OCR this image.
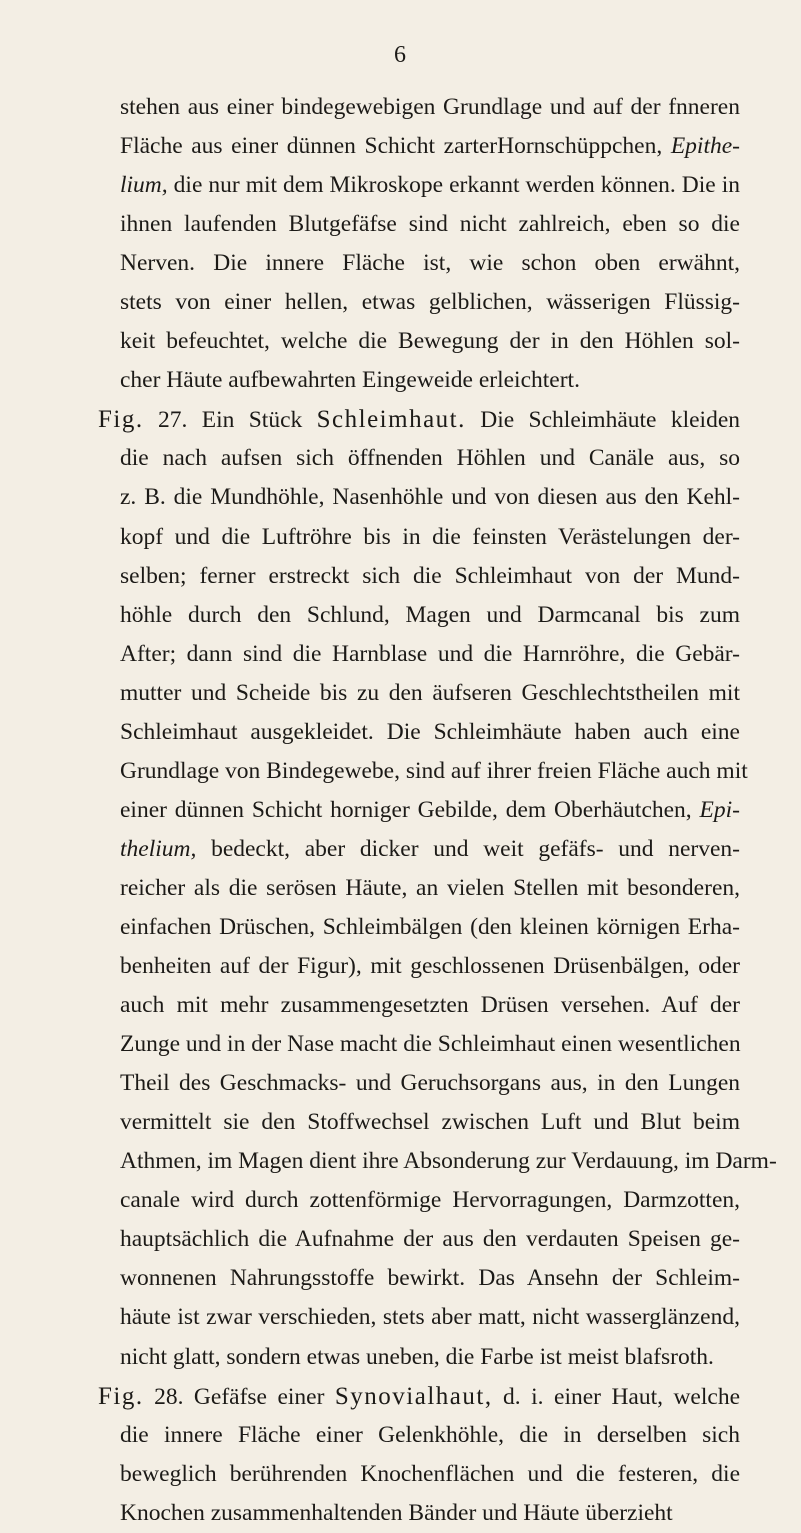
6
stehen aus einer bindegewebigen Grundlage und auf der fnneren
Fläche aus einer dünnen Schicht zarterHornschüppchen, Epithe-
lium, die nur mit dem Mikroskope erkannt werden können. Die in
ihnen laufenden Blutgefäfse sind nicht zahlreich, eben so die
Nerven. Die innere Fläche ist, wie schon oben erwähnt,
stets von einer hellen, etwas gelblichen, wässerigen Flüssig-
keit befeuchtet, welche die Bewegung der in den Höhlen sol-
cher Häute aufbewahrten Eingeweide erleichtert.
Fig. 27. Ein Stück Schleimhaut. Die Schleimhäute kleiden
die nach aufsen sich öffnenden Höhlen und Canäle aus, so
z. B. die Mundhöhle, Nasenhöhle und von diesen aus den Kehl-
kopf und die Luftröhre bis in die feinsten Verästelungen der-
selben; ferner erstreckt sich die Schleimhaut von der Mund-
höhle durch den Schlund, Magen und Darmcanal bis zum
After; dann sind die Harnblase und die Harnröhre, die Gebär-
mutter und Scheide bis zu den äufseren Geschlechtstheilen mit
Schleimhaut ausgekleidet. Die Schleimhäute haben auch eine
Grundlage von Bindegewebe, sind auf ihrer freien Fläche auch mit
einer dünnen Schicht horniger Gebilde, dem Oberhäutchen, Epi-
thelium, bedeckt, aber dicker und weit gefäfs- und nerven-
reicher als die serösen Häute, an vielen Stellen mit besonderen,
einfachen Drüschen, Schleimbälgen (den kleinen körnigen Erha-
benheiten auf der Figur), mit geschlossenen Drüsenbälgen, oder
auch mit mehr zusammengesetzten Drüsen versehen. Auf der
Zunge und in der Nase macht die Schleimhaut einen wesentlichen
Theil des Geschmacks- und Geruchsorgans aus, in den Lungen
vermittelt sie den Stoffwechsel zwischen Luft und Blut beim
Athmen, im Magen dient ihre Absonderung zur Verdauung, im Darm-
canale wird durch zottenförmige Hervorragungen, Darmzotten,
hauptsächlich die Aufnahme der aus den verdauten Speisen ge-
wonnenen Nahrungsstoffe bewirkt. Das Ansehn der Schleim-
häute ist zwar verschieden, stets aber matt, nicht wasserglänzend,
nicht glatt, sondern etwas uneben, die Farbe ist meist blafsroth.
Fig. 28. Gefäfse einer Synovialhaut, d. i. einer Haut, welche
die innere Fläche einer Gelenkhöhle, die in derselben sich
beweglich berührenden Knochenflächen und die festeren, die
Knochen zusammenhaltenden Bänder und Häute überzieht
